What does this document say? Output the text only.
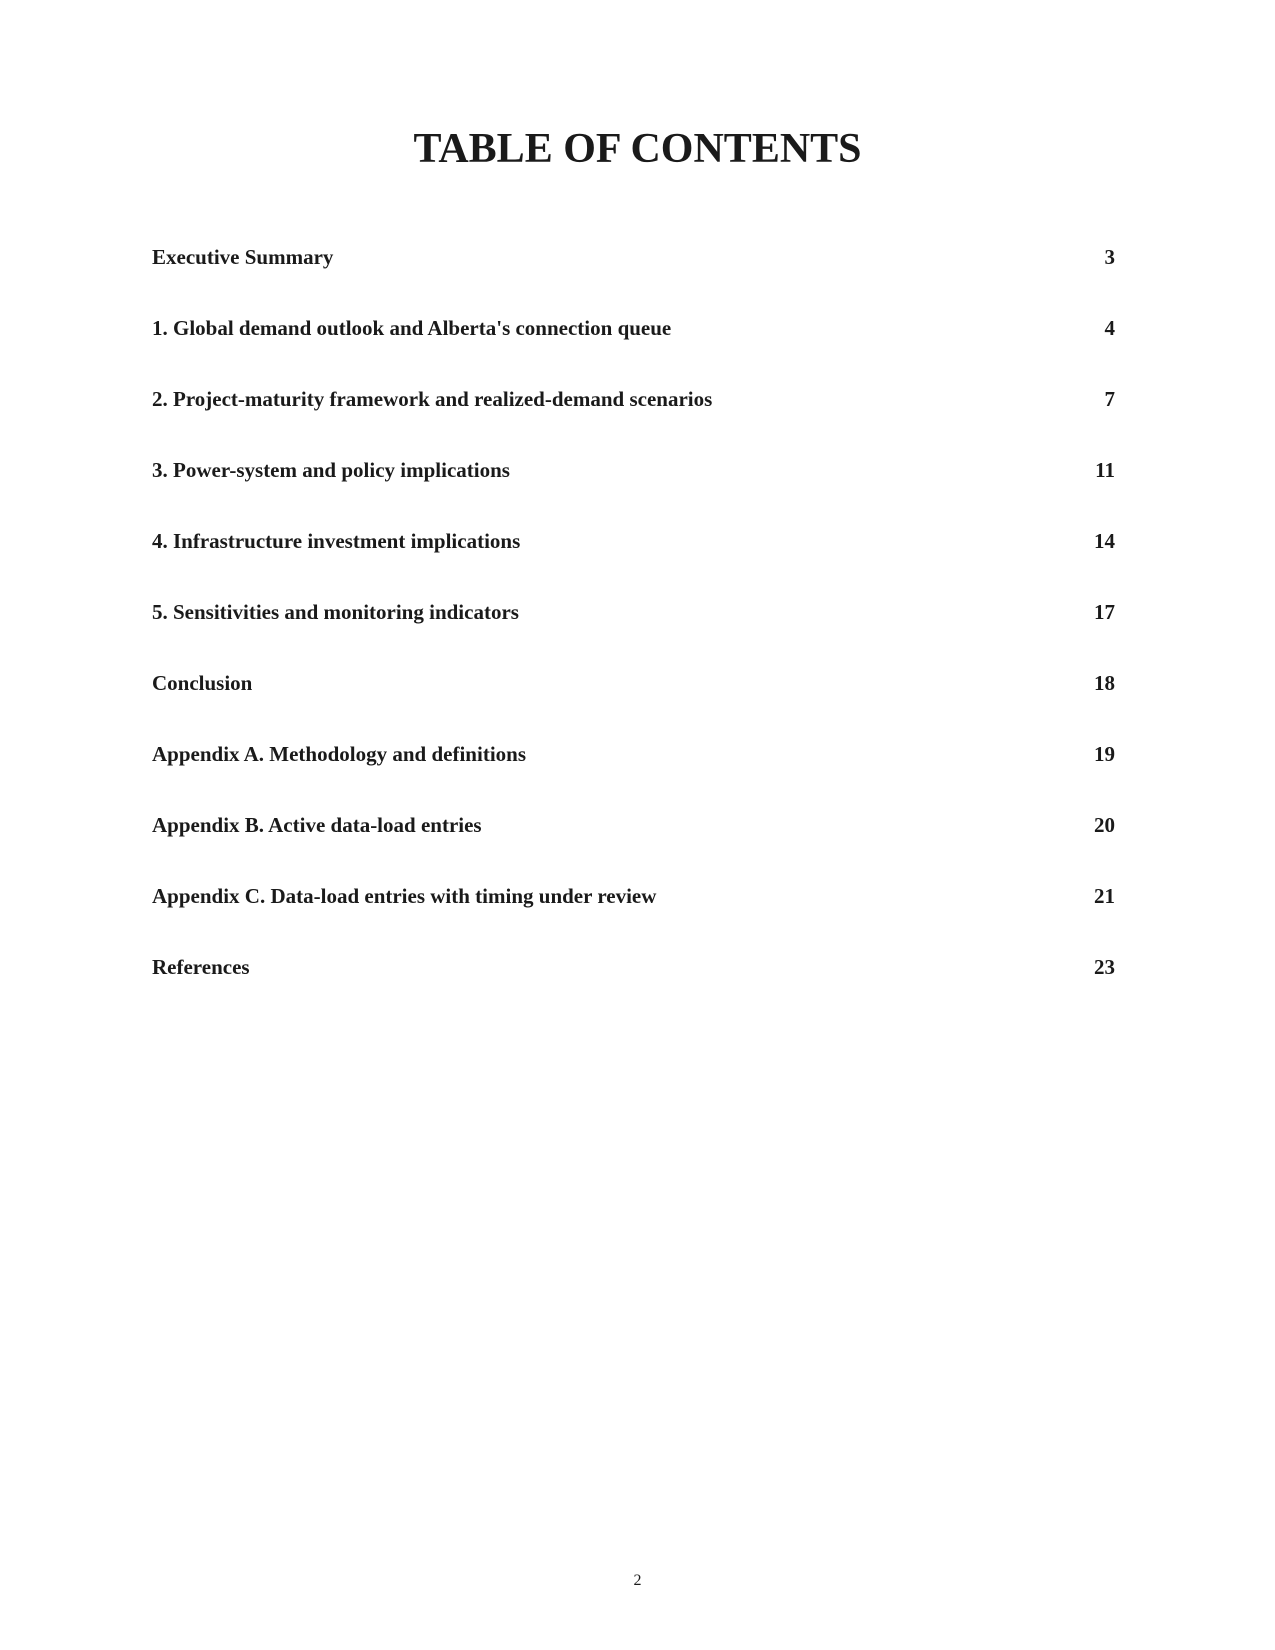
TABLE OF CONTENTS
Executive Summary	3
1. Global demand outlook and Alberta's connection queue	4
2. Project-maturity framework and realized-demand scenarios	7
3. Power-system and policy implications	11
4. Infrastructure investment implications	14
5. Sensitivities and monitoring indicators	17
Conclusion	18
Appendix A. Methodology and definitions	19
Appendix B. Active data-load entries	20
Appendix C. Data-load entries with timing under review	21
References	23
2
